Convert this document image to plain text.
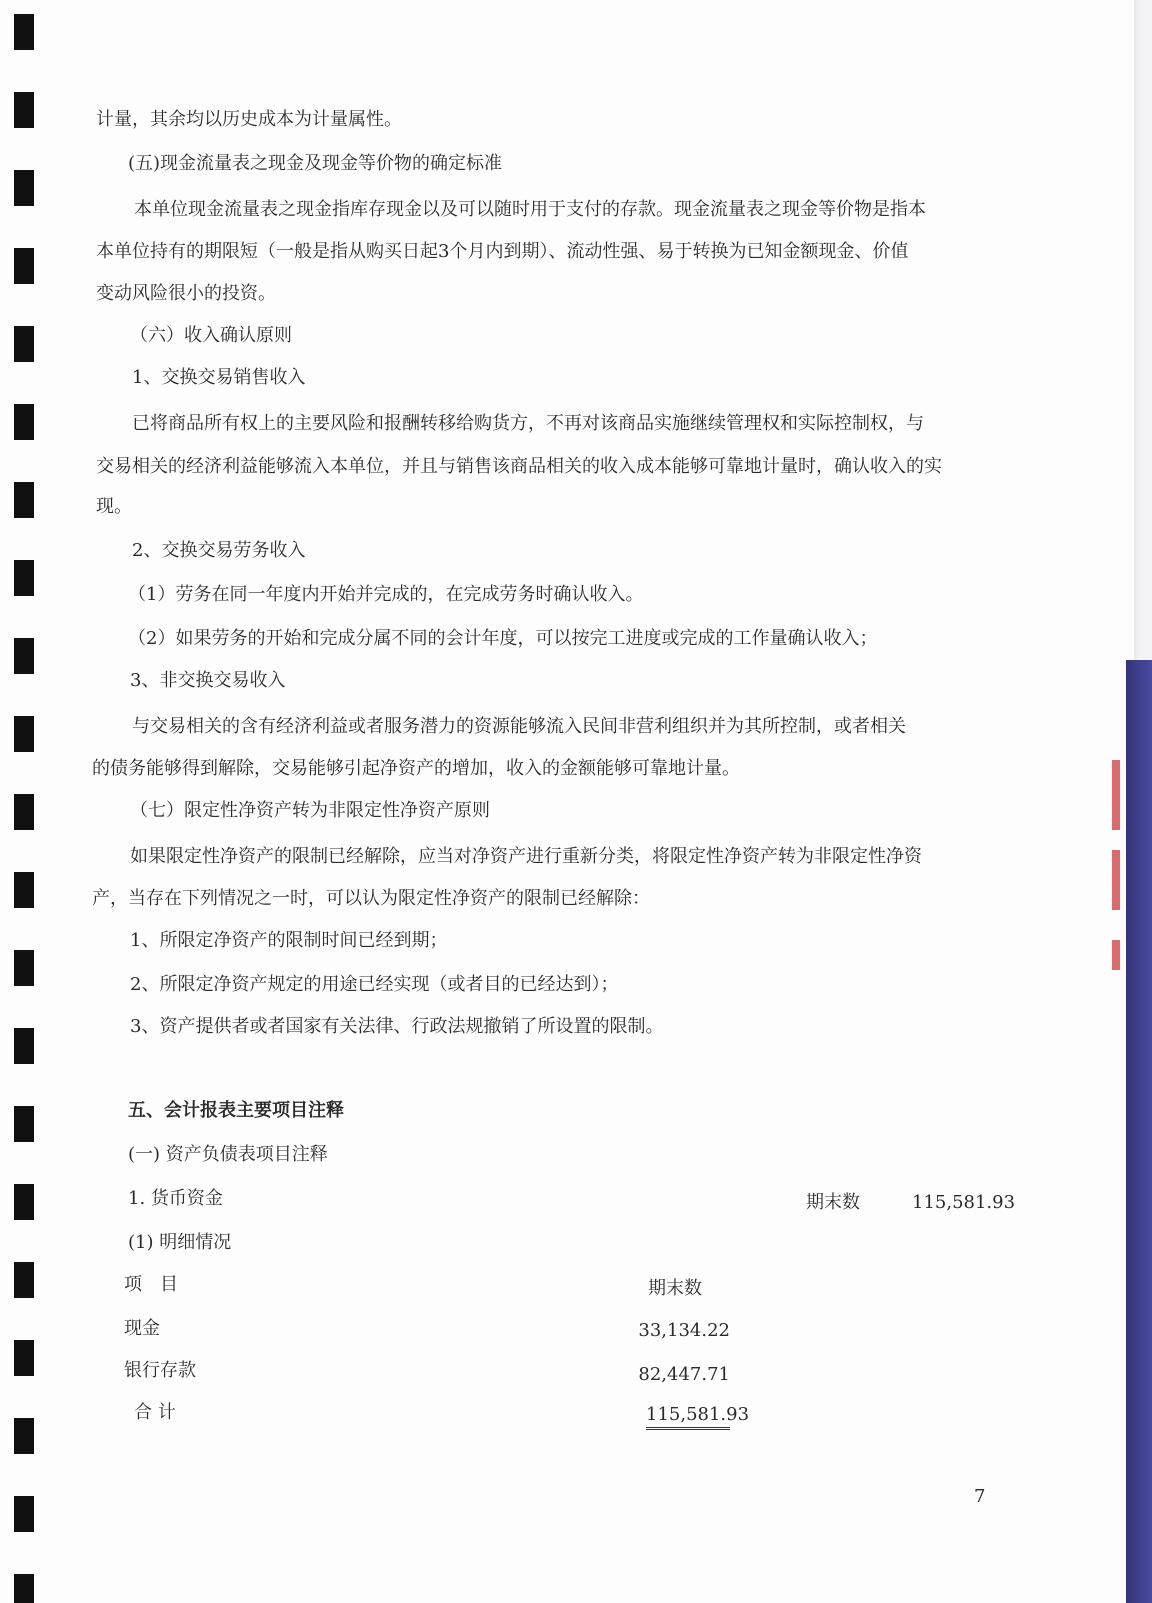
计量，其余均以历史成本为计量属性。
(五)现金流量表之现金及现金等价物的确定标准
本单位现金流量表之现金指库存现金以及可以随时用于支付的存款。现金流量表之现金等价物是指本
本单位持有的期限短（一般是指从购买日起3个月内到期）、流动性强、易于转换为已知金额现金、价值
变动风险很小的投资。
（六）收入确认原则
1、交换交易销售收入
已将商品所有权上的主要风险和报酬转移给购货方，不再对该商品实施继续管理权和实际控制权，与
交易相关的经济利益能够流入本单位，并且与销售该商品相关的收入成本能够可靠地计量时，确认收入的实
现。
2、交换交易劳务收入
（1）劳务在同一年度内开始并完成的，在完成劳务时确认收入。
（2）如果劳务的开始和完成分属不同的会计年度，可以按完工进度或完成的工作量确认收入；
3、非交换交易收入
与交易相关的含有经济利益或者服务潜力的资源能够流入民间非营利组织并为其所控制，或者相关
的债务能够得到解除，交易能够引起净资产的增加，收入的金额能够可靠地计量。
（七）限定性净资产转为非限定性净资产原则
如果限定性净资产的限制已经解除，应当对净资产进行重新分类，将限定性净资产转为非限定性净资
产，当存在下列情况之一时，可以认为限定性净资产的限制已经解除：
1、所限定净资产的限制时间已经到期；
2、所限定净资产规定的用途已经实现（或者目的已经达到）；
3、资产提供者或者国家有关法律、行政法规撤销了所设置的限制。
五、会计报表主要项目注释
(一) 资产负债表项目注释
1. 货币资金	期末数	115,581.93
(1) 明细情况
项　目	期末数
现金	33,134.22
银行存款	82,447.71
合 计	115,581.93
7
